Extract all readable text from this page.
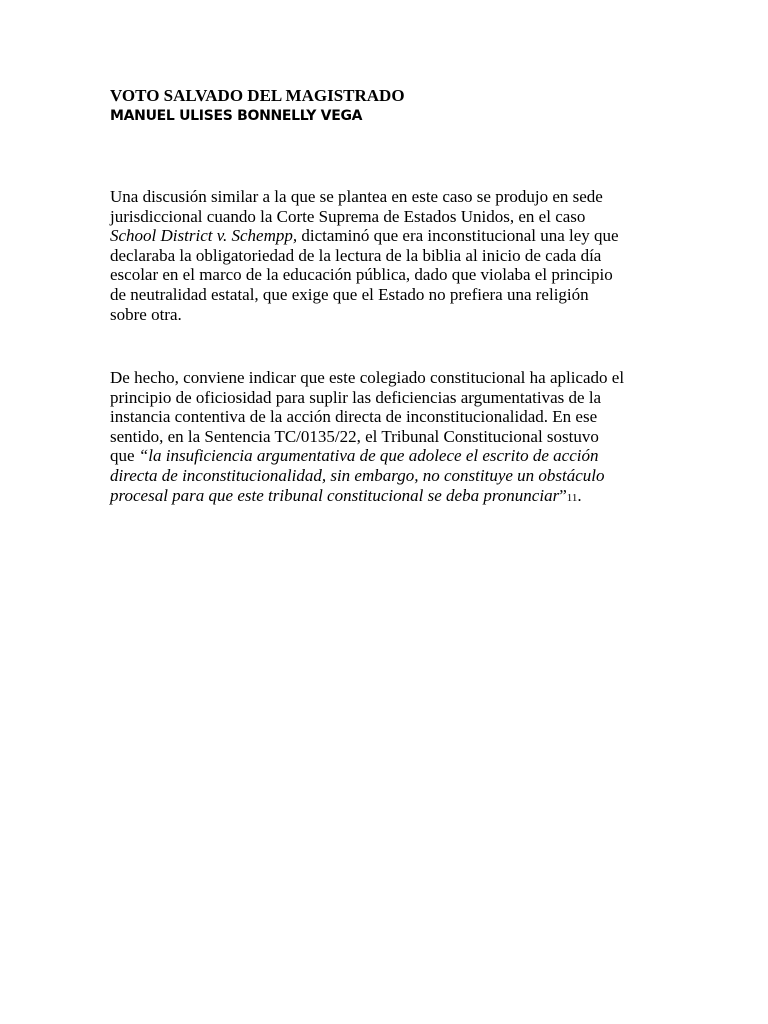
VOTO SALVADO DEL MAGISTRADO
MANUEL ULISES BONNELLY VEGA
Una discusión similar a la que se plantea en este caso se produjo en sede
jurisdiccional cuando la Corte Suprema de Estados Unidos, en el caso
School District v. Schempp, dictaminó que era inconstitucional una ley que
declaraba la obligatoriedad de la lectura de la biblia al inicio de cada día
escolar en el marco de la educación pública, dado que violaba el principio
de neutralidad estatal, que exige que el Estado no prefiera una religión
sobre otra.
De hecho, conviene indicar que este colegiado constitucional ha aplicado el
principio de oficiosidad para suplir las deficiencias argumentativas de la
instancia contentiva de la acción directa de inconstitucionalidad. En ese
sentido, en la Sentencia TC/0135/22, el Tribunal Constitucional sostuvo
que “la insuficiencia argumentativa de que adolece el escrito de acción
directa de inconstitucionalidad, sin embargo, no constituye un obstáculo
procesal para que este tribunal constitucional se deba pronunciar”11.
